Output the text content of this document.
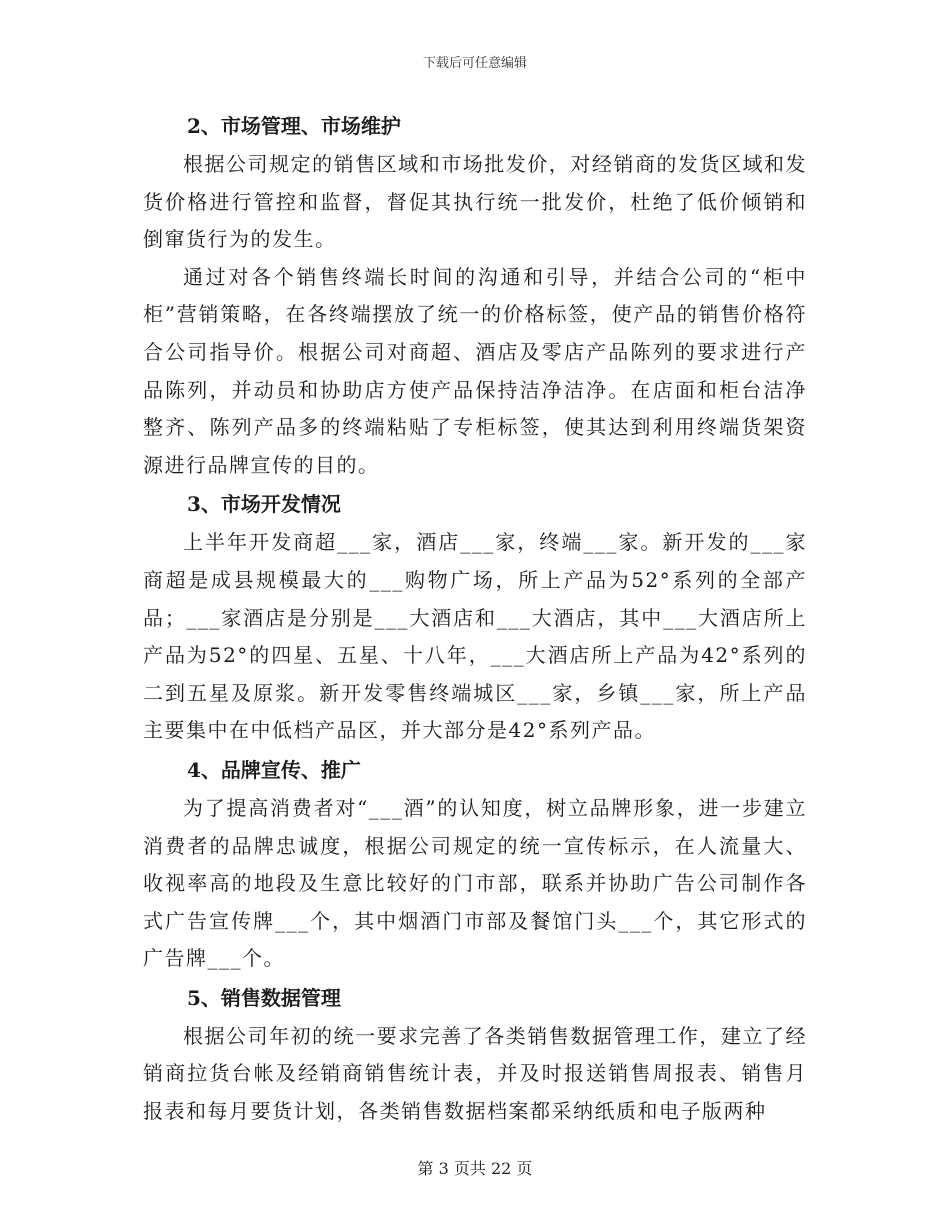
下载后可任意编辑
2、市场管理、市场维护

根据公司规定的销售区域和市场批发价，对经销商的发货区域和发货价格进行管控和监督，督促其执行统一批发价，杜绝了低价倾销和倒窜货行为的发生。

通过对各个销售终端长时间的沟通和引导，并结合公司的“柜中柜”营销策略，在各终端摆放了统一的价格标签，使产品的销售价格符合公司指导价。根据公司对商超、酒店及零店产品陈列的要求进行产品陈列，并动员和协助店方使产品保持洁净洁净。在店面和柜台洁净整齐、陈列产品多的终端粘贴了专柜标签，使其达到利用终端货架资源进行品牌宣传的目的。

3、市场开发情况

上半年开发商超___家，酒店___家，终端___家。新开发的___家商超是成县规模最大的___购物广场，所上产品为52°系列的全部产品；___家酒店是分别是___大酒店和___大酒店，其中___大酒店所上产品为52°的四星、五星、十八年，___大酒店所上产品为42°系列的二到五星及原浆。新开发零售终端城区___家，乡镇___家，所上产品主要集中在中低档产品区，并大部分是42°系列产品。

4、品牌宣传、推广

为了提高消费者对“___酒”的认知度，树立品牌形象，进一步建立消费者的品牌忠诚度，根据公司规定的统一宣传标示，在人流量大、收视率高的地段及生意比较好的门市部，联系并协助广告公司制作各式广告宣传牌___个，其中烟酒门市部及餐馆门头___个，其它形式的广告牌___个。

5、销售数据管理

根据公司年初的统一要求完善了各类销售数据管理工作，建立了经销商拉货台帐及经销商销售统计表，并及时报送销售周报表、销售月报表和每月要货计划，各类销售数据档案都采纳纸质和电子版两种

第 3 页共 22 页
